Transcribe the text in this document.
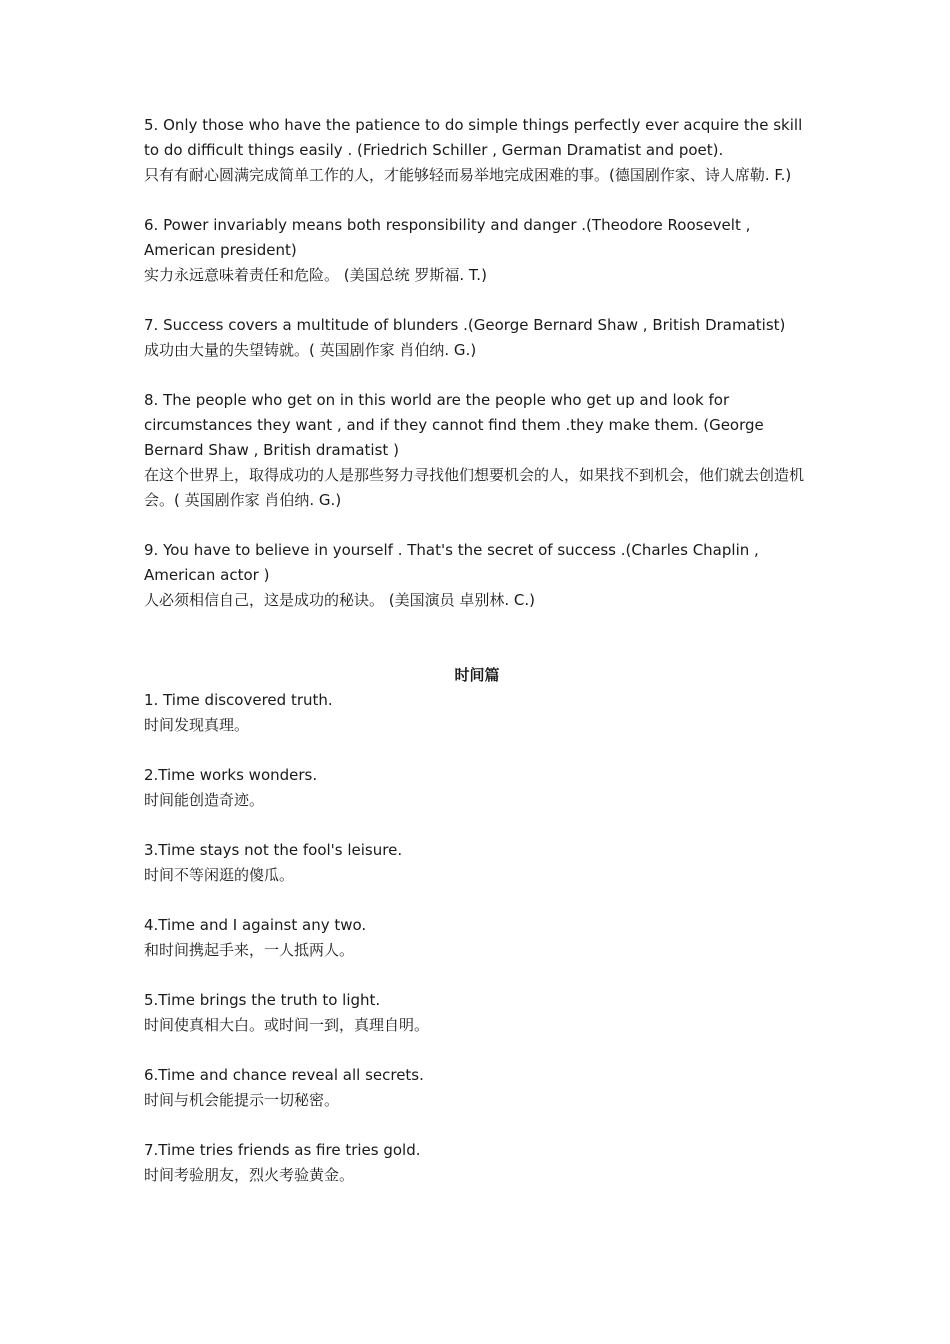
5. Only those who have the patience to do simple things perfectly ever acquire the skill to do difficult things easily . (Friedrich Schiller , German Dramatist and poet).

只有有耐心圆满完成简单工作的人，才能够轻而易举地完成困难的事。(德国剧作家、诗人席勒. F.)

6. Power invariably means both responsibility and danger .(Theodore Roosevelt , American president)

实力永远意味着责任和危险。 (美国总统 罗斯福. T.)

7. Success covers a multitude of blunders .(George Bernard Shaw , British Dramatist)

成功由大量的失望铸就。( 英国剧作家 肖伯纳. G.)

8. The people who get on in this world are the people who get up and look for circumstances they want , and if they cannot find them .they make them. (George Bernard Shaw , British dramatist )

在这个世界上，取得成功的人是那些努力寻找他们想要机会的人，如果找不到机会，他们就去创造机会。( 英国剧作家 肖伯纳. G.)

9. You have to believe in yourself . That's the secret of success .(Charles Chaplin , American actor )

人必须相信自己，这是成功的秘诀。 (美国演员 卓别林. C.)

时间篇

1. Time discovered truth.

时间发现真理。

2.Time works wonders.

时间能创造奇迹。

3.Time stays not the fool's leisure.

时间不等闲逛的傻瓜。

4.Time and I against any two.

和时间携起手来，一人抵两人。

5.Time brings the truth to light.

时间使真相大白。或时间一到，真理自明。

6.Time and chance reveal all secrets.

时间与机会能提示一切秘密。

7.Time tries friends as fire tries gold.

时间考验朋友，烈火考验黄金。
